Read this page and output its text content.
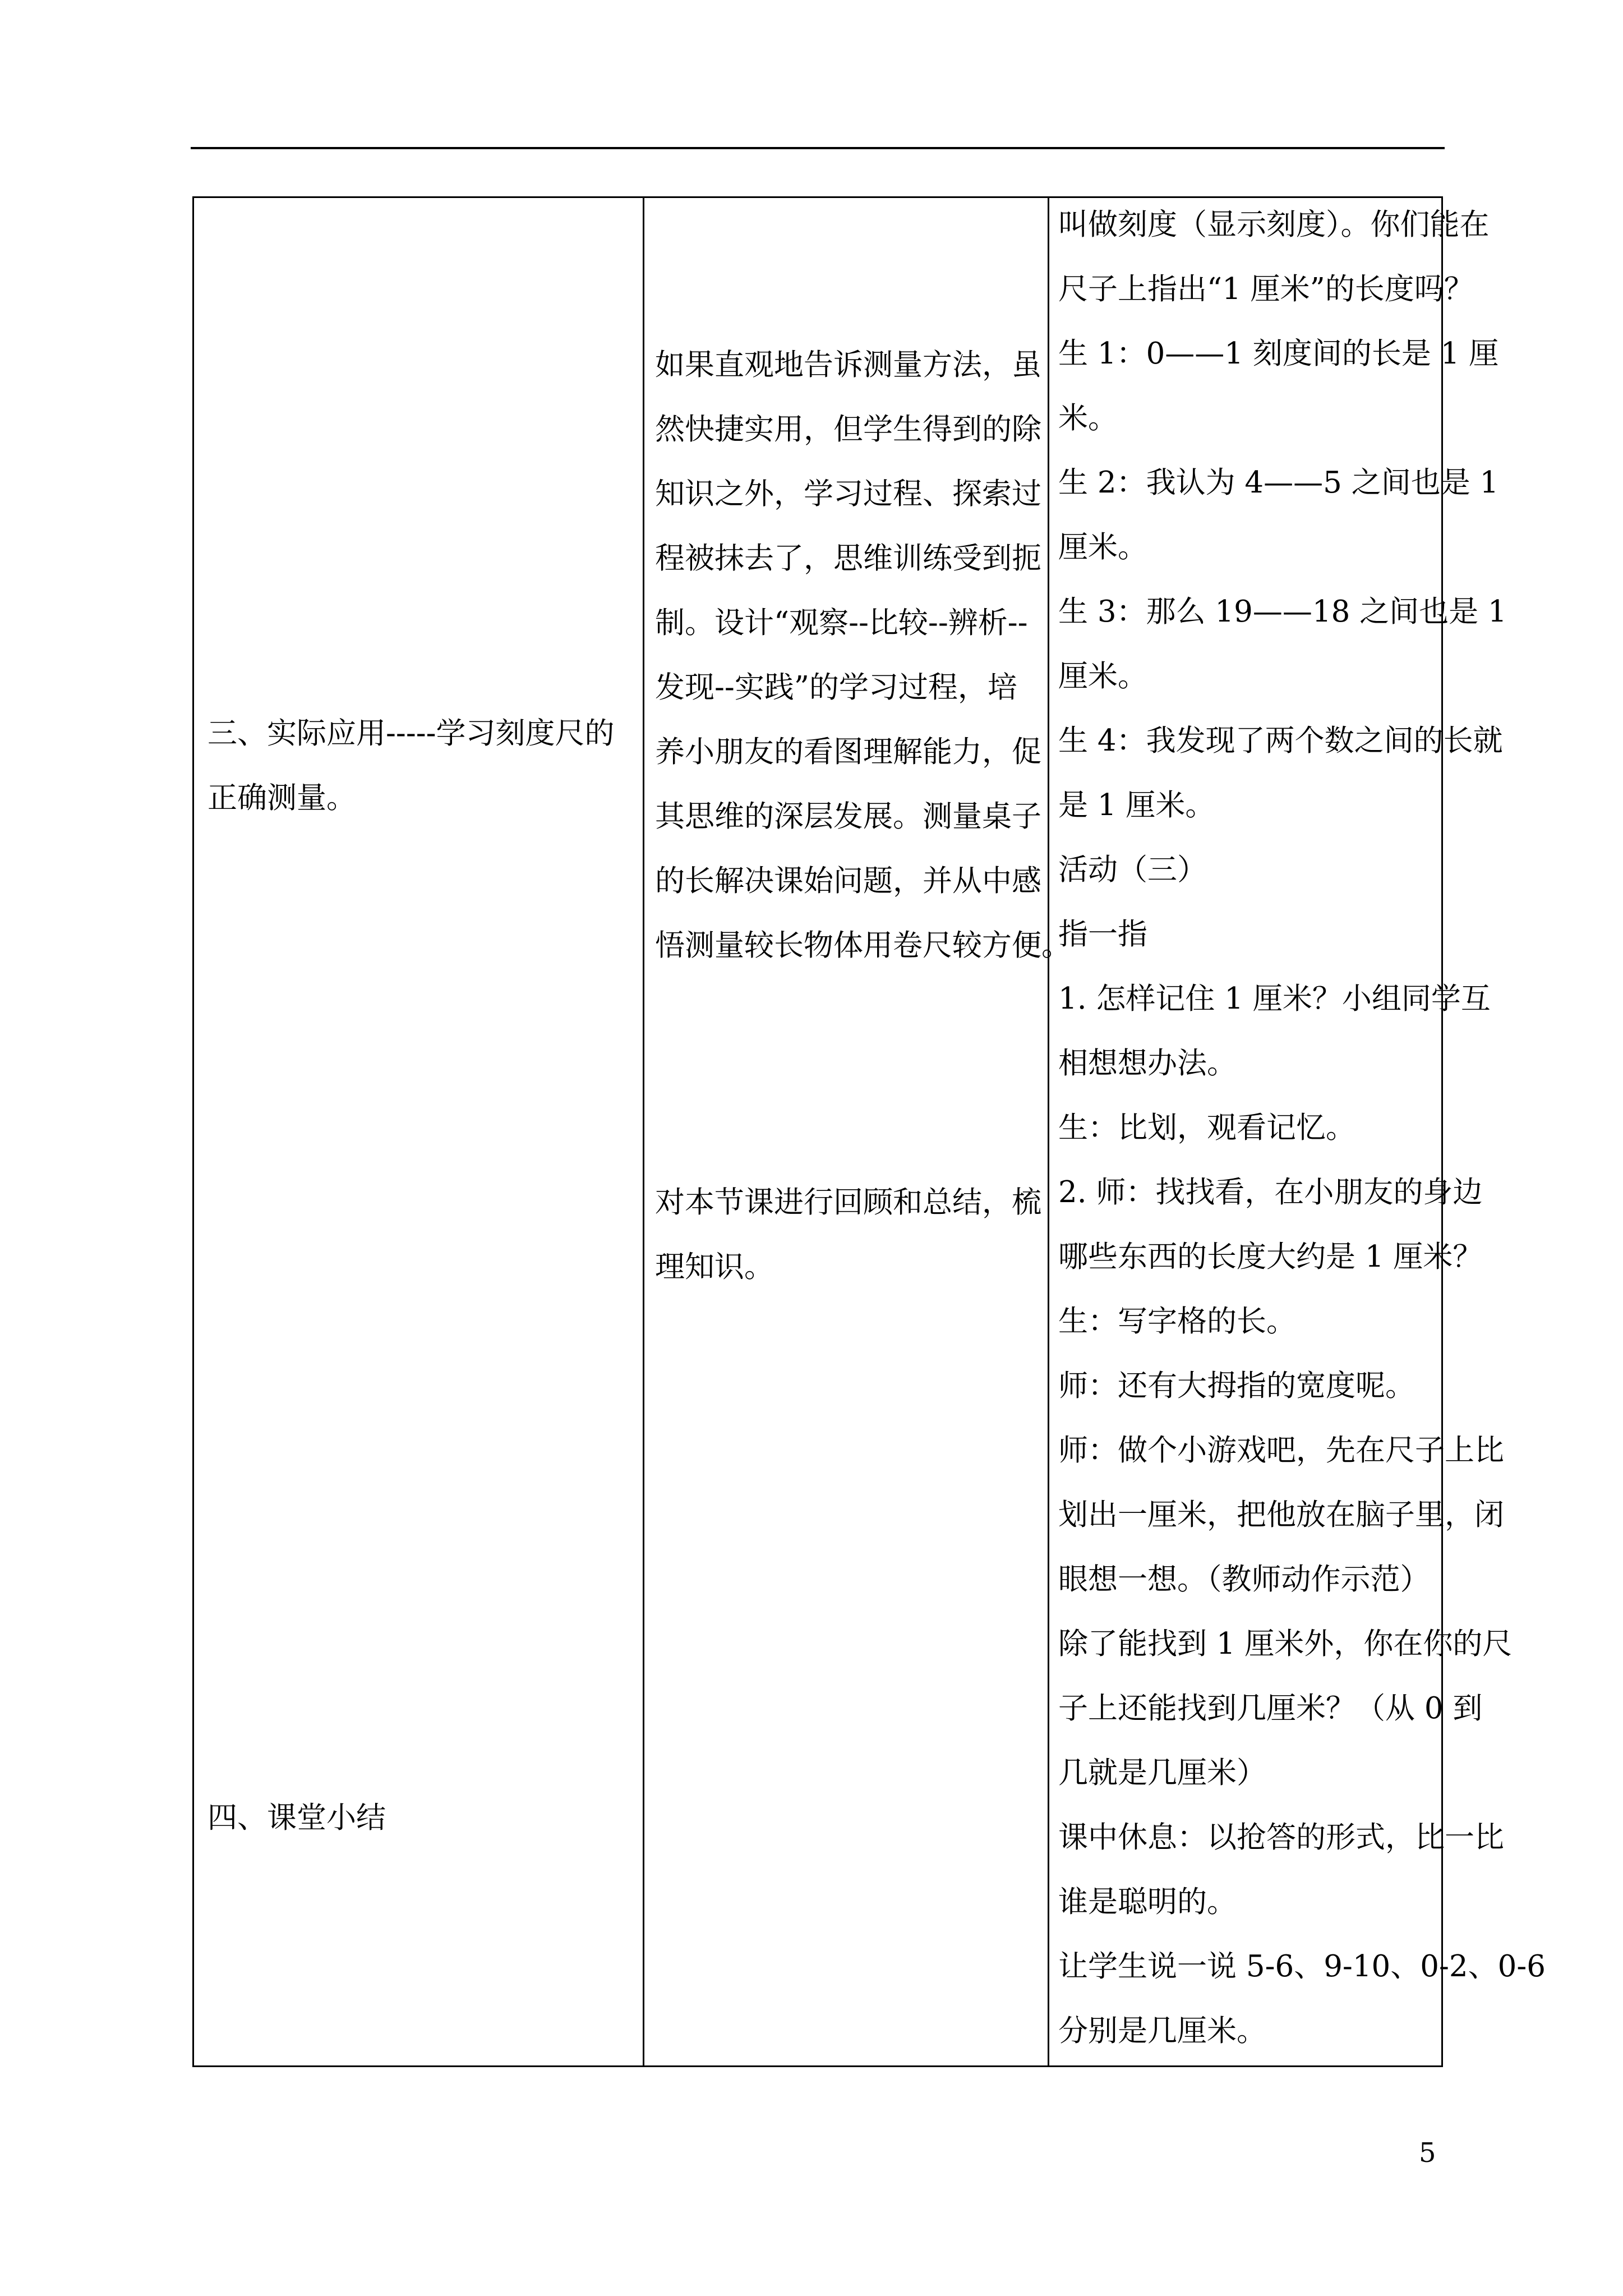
三、实际应用-----学习刻度尺的
正确测量。
四、课堂小结
如果直观地告诉测量方法，虽
然快捷实用，但学生得到的除
知识之外，学习过程、探索过
程被抹去了，思维训练受到扼
制。设计“观察--比较--辨析--
发现--实践”的学习过程，培
养小朋友的看图理解能力，促
其思维的深层发展。测量桌子
的长解决课始问题，并从中感
悟测量较长物体用卷尺较方便。
对本节课进行回顾和总结，梳
理知识。
叫做刻度（显示刻度）。你们能在
尺子上指出“1 厘米”的长度吗？
生 1：0——1 刻度间的长是 1 厘
米。
生 2：我认为 4——5 之间也是 1
厘米。
生 3：那么 19——18 之间也是 1
厘米。
生 4：我发现了两个数之间的长就
是 1 厘米。
活动（三）
指一指
1. 怎样记住 1 厘米？小组同学互
相想想办法。
生：比划，观看记忆。
2. 师：找找看，在小朋友的身边
哪些东西的长度大约是 1 厘米？
生：写字格的长。
师：还有大拇指的宽度呢。
师：做个小游戏吧，先在尺子上比
划出一厘米，把他放在脑子里，闭
眼想一想。（教师动作示范）
除了能找到 1 厘米外，你在你的尺
子上还能找到几厘米？（从 0 到
几就是几厘米）
课中休息：以抢答的形式，比一比
谁是聪明的。
让学生说一说 5-6、9-10、0-2、0-6
分别是几厘米。
5
